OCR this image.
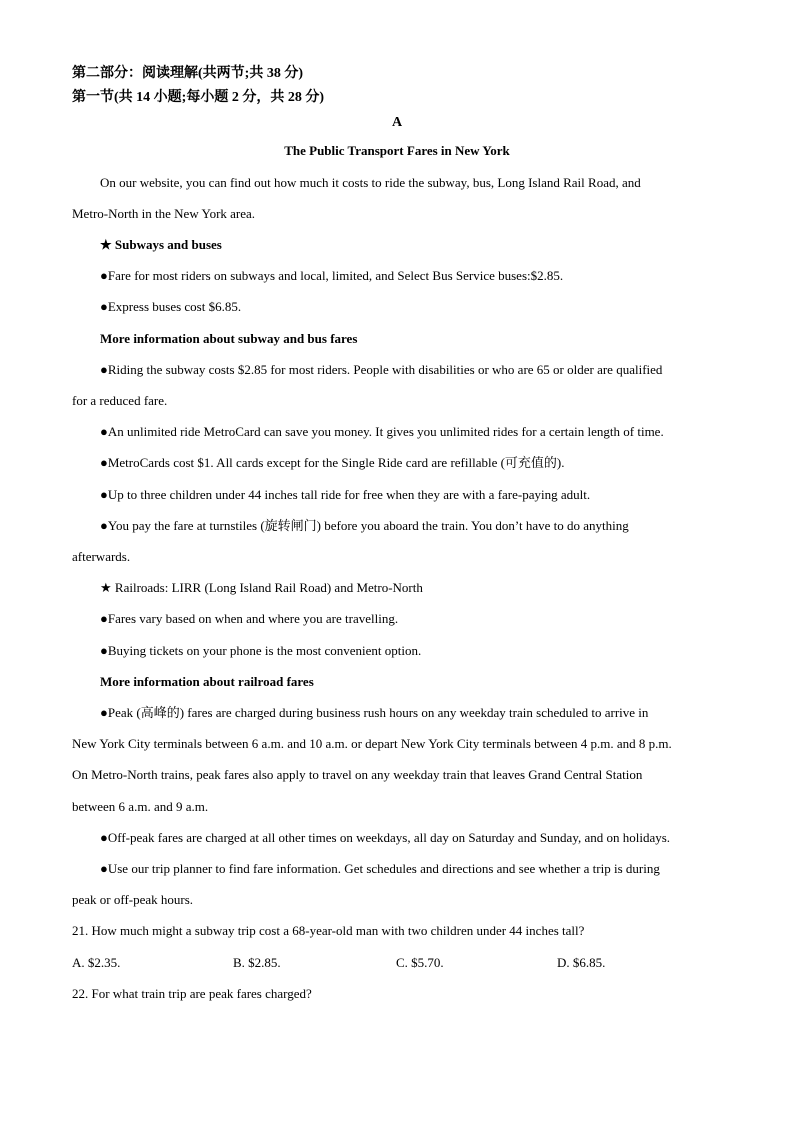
第二部分：阅读理解(共两节;共 38 分)
第一节(共 14 小题;每小题 2 分，共 28 分)
A
The Public Transport Fares in New York
On our website, you can find out how much it costs to ride the subway, bus, Long Island Rail Road, and
Metro-North in the New York area.
★ Subways and buses
●Fare for most riders on subways and local, limited, and Select Bus Service buses:$2.85.
●Express buses cost $6.85.
More information about subway and bus fares
●Riding the subway costs $2.85 for most riders. People with disabilities or who are 65 or older are qualified
for a reduced fare.
●An unlimited ride MetroCard can save you money. It gives you unlimited rides for a certain length of time.
●MetroCards cost $1. All cards except for the Single Ride card are refillable (可充值的).
●Up to three children under 44 inches tall ride for free when they are with a fare-paying adult.
●You pay the fare at turnstiles (旋转闸门) before you aboard the train. You don’t have to do anything
afterwards.
★ Railroads: LIRR (Long Island Rail Road) and Metro-North
●Fares vary based on when and where you are travelling.
●Buying tickets on your phone is the most convenient option.
More information about railroad fares
●Peak (高峰的) fares are charged during business rush hours on any weekday train scheduled to arrive in
New York City terminals between 6 a.m. and 10 a.m. or depart New York City terminals between 4 p.m. and 8 p.m.
On Metro-North trains, peak fares also apply to travel on any weekday train that leaves Grand Central Station
between 6 a.m. and 9 a.m.
●Off-peak fares are charged at all other times on weekdays, all day on Saturday and Sunday, and on holidays.
●Use our trip planner to find fare information. Get schedules and directions and see whether a trip is during
peak or off-peak hours.
21. How much might a subway trip cost a 68-year-old man with two children under 44 inches tall?
A. $2.35.	B. $2.85.	C. $5.70.	D. $6.85.
22. For what train trip are peak fares charged?
